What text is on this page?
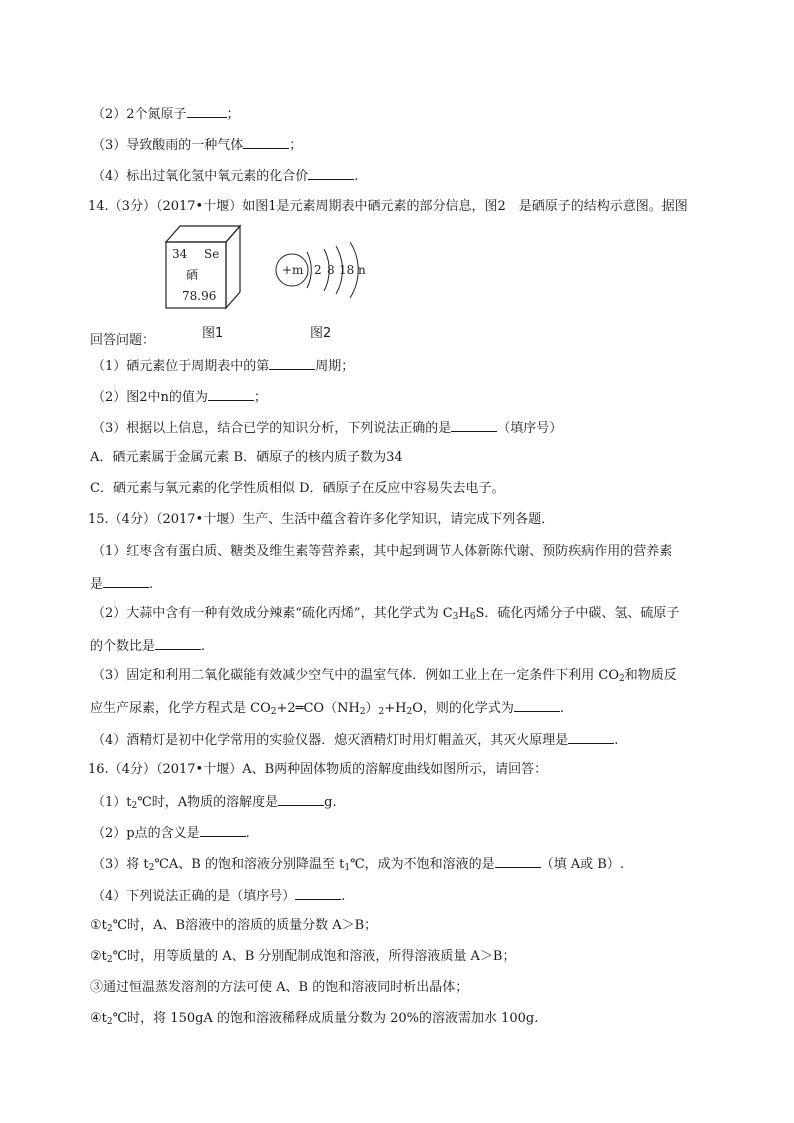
（2）2个氮原子	；
（3）导致酸雨的一种气体	；
（4）标出过氧化氢中氧元素的化合价	.
14.（3分）（2017•十堰）如图1是元素周期表中硒元素的部分信息，图2　是硒原子的结构示意图。据图
34 Se
硒
78.96
+m 2 8 18 n
图1	图2
回答问题：
（1）硒元素位于周期表中的第	周期；
（2）图2中n的值为	；
（3）根据以上信息，结合已学的知识分析，下列说法正确的是	（填序号）
A．硒元素属于金属元素 B．硒原子的核内质子数为34
C．硒元素与氧元素的化学性质相似 D．硒原子在反应中容易失去电子。
15.（4分）（2017•十堰）生产、生活中蕴含着许多化学知识，请完成下列各题．
（1）红枣含有蛋白质、糖类及维生素等营养素，其中起到调节人体新陈代谢、预防疾病作用的营养素
是	.
（2）大蒜中含有一种有效成分辣素“硫化丙烯”，其化学式为 $C_3H_6S$．硫化丙烯分子中碳、氢、硫原子
的个数比是	.
（3）固定和利用二氧化碳能有效减少空气中的温室气体．例如工业上在一定条件下利用 $CO_2$和物质反
应生产尿素，化学方程式是 $CO_2+2═CO(NH_2)_2+H_2O$，则的化学式为	.
（4）酒精灯是初中化学常用的实验仪器．熄灭酒精灯时用灯帽盖灭，其灭火原理是	.
16.（4分）（2017•十堰）A、B两种固体物质的溶解度曲线如图所示，请回答：
$(1)t_2℃$时，A物质的溶解度是	g.
（2）p点的含义是	.
（3）将 $t_2℃A$、B 的饱和溶液分别降温至 $t_1℃$，成为不饱和溶液的是	（填 A或 B）.
（4）下列说法正确的是（填序号）	.
$①t_2℃$时，A、B溶液中的溶质的质量分数 A＞B；
$②t_2℃$时，用等质量的 A、B 分别配制成饱和溶液，所得溶液质量 A＞B；
③通过恒温蒸发溶剂的方法可使 A、B 的饱和溶液同时析出晶体；
$④t_2℃$时，将 150gA 的饱和溶液稀释成质量分数为 20%的溶液需加水 100g.
